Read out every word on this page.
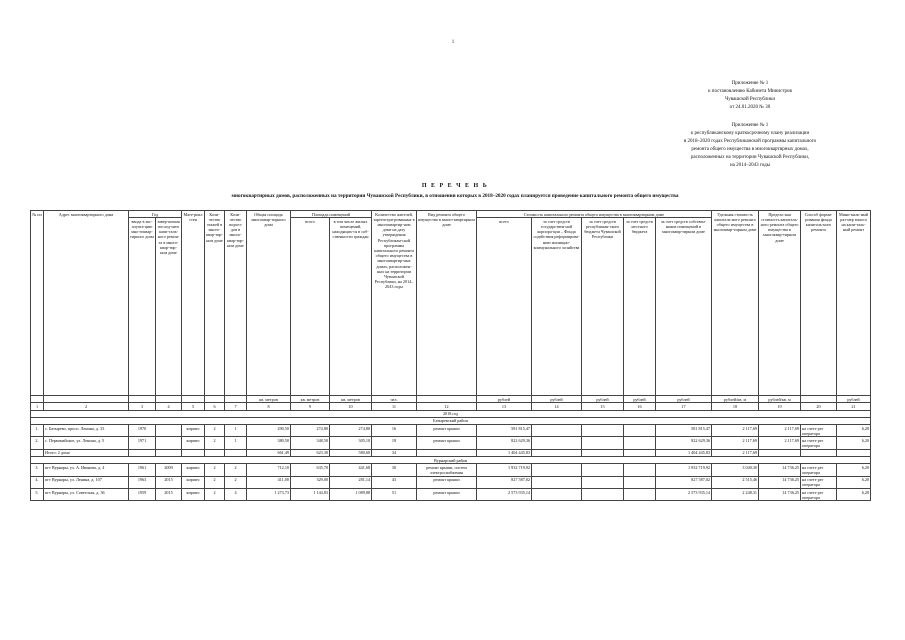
1
Приложение № 1
к постановлению Кабинета Министров
Чувашской Республики
от 24.01.2020 № 30
Приложение № 1
к республиканскому краткосрочному плану реализации
в 2018–2020 годах Республиканской программы капитального
ремонта общего имущества в многоквартирных домах,
расположенных на территории Чувашской Республики,
на 2014–2043 годы
П Е Р Е Ч Е Н Ь
многоквартирных домов, расположенных на территории Чувашской Республики, в отношении которых в 2018–2020 годах планируется проведение капитального ремонта общего имущества
№ пп	Адрес многоквартирного дома	Год		Мате-риал стен	Коли-чество этажей в много-квар-тир-ном доме	Коли-чество подъез-дов в много-квар-тир-ном доме	Общая площадь многоквар-тирного дома	Площадь помещений		Количество жителей, зарегистри-рованных в многоквартир-ном доме на дату утверждения Республикан-ской программы капитального ремонта общего имущества в многоквартир-ных домах, расположен-ных на территории Чувашской Республики, на 2014–2043 годы	Вид ремонта общего имущества в много-квартирном доме	Стоимость капитального ремонта общего имущества в многоквартирном доме					Удельная стоимость капиталь-ного ремонта общего имущества в многоквар-тирном доме	Предель-ная стоимость капиталь-ного ремонта общего имущества в многоквар-тирном доме	Способ форми-рования фонда капиталь-ного ремонта	Мини-маль-ный раз-мер взноса на капи-таль-ный ремонт
		ввода в экс-плуата-цию мно-гоквар-тирного дома	завер-шения послед-него капи-таль-ного ремон-та в много-квар-тир-ном доме					всего	в том числе жилых помещений, находящих-ся в соб-ственности граждан			всего	за счет средств государствен-ной корпора-ции – Фонда содействия реформирова-нию жилищно-коммунального хозяйства	за счет средств республикан-ского бюджета Чувашской Республики	за счет средств местного бюджета	за счет средств собствен-ников помещений в многоквар-тирном доме				
							кв. метров	кв. метров	кв. метров	чел.		рублей	рублей	рублей	рублей	рублей	рублей/кв. м	рублей/кв. м		рублей
1	2	3	4	5	6	7	8	9	10	11	12	13	14	15	16	17	18	19	20	21
2018 год																				
Батыревский район																				
1.	с. Батырево, просп. Ленина, д. 33	1970		кирпич	2	1	290,50	274,80	274,80	16	ремонт крыши	581 815,47				581 815,47	2 117,69	2 117,69	на счете рег оператора	6,20
2.	с. Первомайское, ул. Ленина, д. 5	1971		кирпич	2	1	380,50	348,50	305,10	18	ремонт крыши	822 629,36				822 629,36	2 117,69	2 117,69	на счете рег оператора	6,20
	Итого: 2 дома						661,49	623,30	580,60	34		1 404 445,83				1 404 445,83	2 117,69			
Вурнарский район																				
3.	пгт Вурнары, ул. А. Иванова, д. 4	1961	2009	кирпич	2	2	712,10	635,70	441,68	30	ремонт крыши, систем электроснабжения	1 932 719,92				1 932 719,92	3 040,30	14 736,25	на счете рег оператора	6,20
4.	пгт Вурнары, ул. Ленина, д. 107	1963	2015	кирпич	2	2	411,00	329,00	281,14	43	ремонт крыши	827 587,02				827 587,02	2 515,46	14 736,25	на счете рег оператора	6,20
5.	пгт Вурнары, ул. Советская, д. 36	1959	2015	кирпич	2	4	1 273,73	1 144,83	1 089,88	51	ремонт крыши	2 573 935,14				2 573 935,14	2 248,31	14 736,25	на счете рег оператора	6,20
